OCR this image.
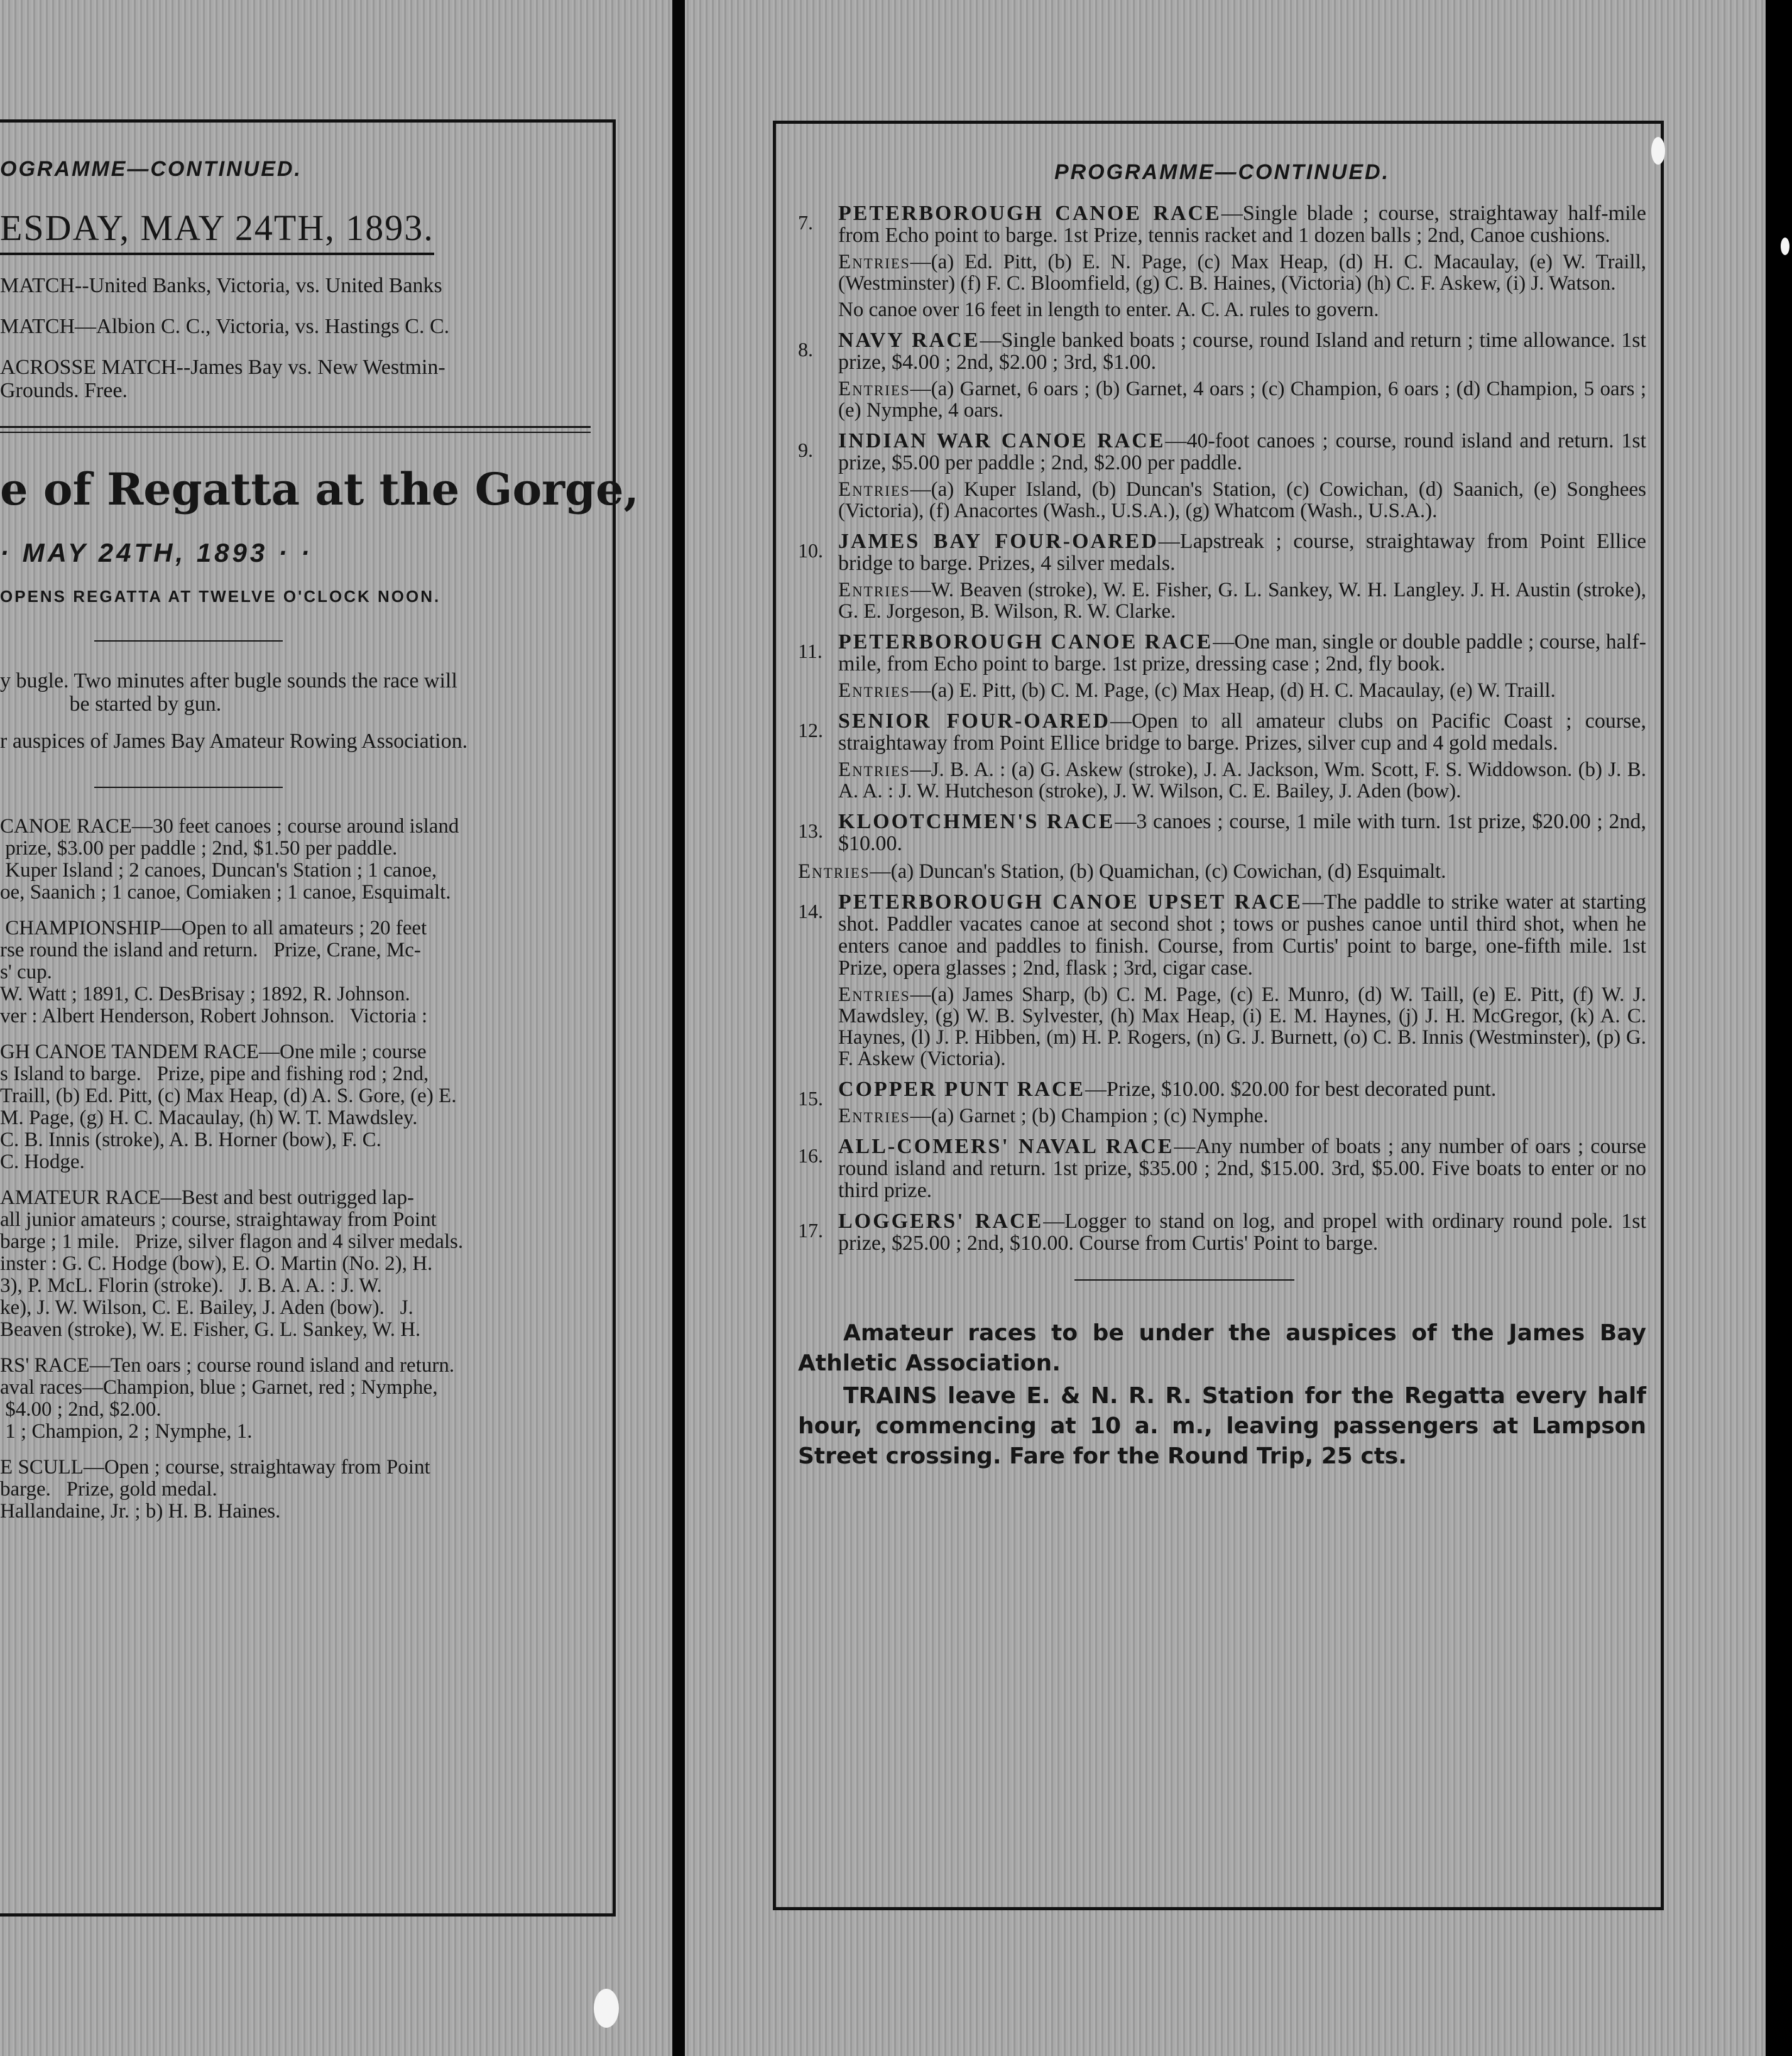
OGRAMME—CONTINUED.
ESDAY, MAY 24TH, 1893.
MATCH--United Banks, Victoria, vs. United Banks
MATCH—Albion C. C., Victoria, vs. Hastings C. C.
ACROSSE MATCH--James Bay vs. New Westmin-
Grounds. Free.
e of Regatta at the Gorge,
· MAY 24TH, 1893 · ·
OPENS REGATTA AT TWELVE O'CLOCK NOON.
y bugle. Two minutes after bugle sounds the race will
be started by gun.
r auspices of James Bay Amateur Rowing Association.
CANOE RACE—30 feet canoes ; course around island
prize, $3.00 per paddle ; 2nd, $1.50 per paddle.
Kuper Island ; 2 canoes, Duncan's Station ; 1 canoe,
oe, Saanich ; 1 canoe, Comiaken ; 1 canoe, Esquimalt.
CHAMPIONSHIP—Open to all amateurs ; 20 feet
rse round the island and return.   Prize, Crane, Mc-
s' cup.
W. Watt ; 1891, C. DesBrisay ; 1892, R. Johnson.
ver : Albert Henderson, Robert Johnson.   Victoria :
GH CANOE TANDEM RACE—One mile ; course
s Island to barge.   Prize, pipe and fishing rod ; 2nd,
Traill, (b) Ed. Pitt, (c) Max Heap, (d) A. S. Gore, (e) E.
M. Page, (g) H. C. Macaulay, (h) W. T. Mawdsley.
C. B. Innis (stroke), A. B. Horner (bow), F. C.
C. Hodge.
AMATEUR RACE—Best and best outrigged lap-
all junior amateurs ; course, straightaway from Point
barge ; 1 mile.   Prize, silver flagon and 4 silver medals.
inster : G. C. Hodge (bow), E. O. Martin (No. 2), H.
3), P. McL. Florin (stroke).   J. B. A. A. : J. W.
ke), J. W. Wilson, C. E. Bailey, J. Aden (bow).   J.
Beaven (stroke), W. E. Fisher, G. L. Sankey, W. H.
RS' RACE—Ten oars ; course round island and return.
aval races—Champion, blue ; Garnet, red ; Nymphe,
$4.00 ; 2nd, $2.00.
1 ; Champion, 2 ; Nymphe, 1.
E SCULL—Open ; course, straightaway from Point
barge.   Prize, gold medal.
Hallandaine, Jr. ; b) H. B. Haines.
PROGRAMME—CONTINUED.
7.	PETERBOROUGH CANOE RACE—Single blade ; course, straightaway half-mile from Echo point to barge. 1st Prize, tennis racket and 1 dozen balls ; 2nd, Canoe cushions.

Entries—(a) Ed. Pitt, (b) E. N. Page, (c) Max Heap, (d) H. C. Macaulay, (e) W. Traill, (Westminster) (f) F. C. Bloomfield, (g) C. B. Haines, (Victoria) (h) C. F. Askew, (i) J. Watson.

No canoe over 16 feet in length to enter. A. C. A. rules to govern.
8.	NAVY RACE—Single banked boats ; course, round Island and return ; time allowance. 1st prize, $4.00 ; 2nd, $2.00 ; 3rd, $1.00.

Entries—(a) Garnet, 6 oars ; (b) Garnet, 4 oars ; (c) Champion, 6 oars ; (d) Champion, 5 oars ; (e) Nymphe, 4 oars.

9.	INDIAN WAR CANOE RACE—40-foot canoes ; course, round island and return. 1st prize, $5.00 per paddle ; 2nd, $2.00 per paddle.

Entries—(a) Kuper Island, (b) Duncan's Station, (c) Cowichan, (d) Saanich, (e) Songhees (Victoria), (f) Anacortes (Wash., U.S.A.), (g) Whatcom (Wash., U.S.A.).

10. JAMES BAY FOUR-OARED—Lapstreak ; course, straightaway from Point Ellice bridge to barge. Prizes, 4 silver medals.

Entries—W. Beaven (stroke), W. E. Fisher, G. L. Sankey, W. H. Langley. J. H. Austin (stroke), G. E. Jorgeson, B. Wilson, R. W. Clarke.

11. PETERBOROUGH CANOE RACE—One man, single or double paddle ; course, half-mile, from Echo point to barge. 1st prize, dressing case ; 2nd, fly book.

Entries—(a) E. Pitt, (b) C. M. Page, (c) Max Heap, (d) H. C. Macaulay, (e) W. Traill.

12. SENIOR FOUR-OARED—Open to all amateur clubs on Pacific Coast ; course, straightaway from Point Ellice bridge to barge. Prizes, silver cup and 4 gold medals.

Entries—J. B. A. : (a) G. Askew (stroke), J. A. Jackson, Wm. Scott, F. S. Widdowson. (b) J. B. A. A. : J. W. Hutcheson (stroke), J. W. Wilson, C. E. Bailey, J. Aden (bow).

13. KLOOTCHMEN'S RACE—3 canoes ; course, 1 mile with turn. 1st prize, $20.00 ; 2nd, $10.00.

Entries—(a) Duncan's Station, (b) Quamichan, (c) Cowichan, (d) Esquimalt.

14. PETERBOROUGH CANOE UPSET RACE—The paddle to strike water at starting shot. Paddler vacates canoe at second shot ; tows or pushes canoe until third shot, when he enters canoe and paddles to finish. Course, from Curtis' point to barge, one-fifth mile. 1st Prize, opera glasses ; 2nd, flask ; 3rd, cigar case.

Entries—(a) James Sharp, (b) C. M. Page, (c) E. Munro, (d) W. Taill, (e) E. Pitt, (f) W. J. Mawdsley, (g) W. B. Sylvester, (h) Max Heap, (i) E. M. Haynes, (j) J. H. McGregor, (k) A. C. Haynes, (l) J. P. Hibben, (m) H. P. Rogers, (n) G. J. Burnett, (o) C. B. Innis (Westminster), (p) G. F. Askew (Victoria).

15. COPPER PUNT RACE—Prize, $10.00. $20.00 for best decorated punt.

Entries—(a) Garnet ; (b) Champion ; (c) Nymphe.

16. ALL-COMERS' NAVAL RACE—Any number of boats ; any number of oars ; course round island and return. 1st prize, $35.00 ; 2nd, $15.00. 3rd, $5.00. Five boats to enter or no third prize.

17. LOGGERS' RACE—Logger to stand on log, and propel with ordinary round pole. 1st prize, $25.00 ; 2nd, $10.00. Course from Curtis' Point to barge.

Amateur races to be under the auspices of the James Bay Athletic Association.

TRAINS leave E. & N. R. R. Station for the Regatta every half hour, commencing at 10 a. m., leaving passengers at Lampson Street crossing. Fare for the Round Trip, 25 cts.
